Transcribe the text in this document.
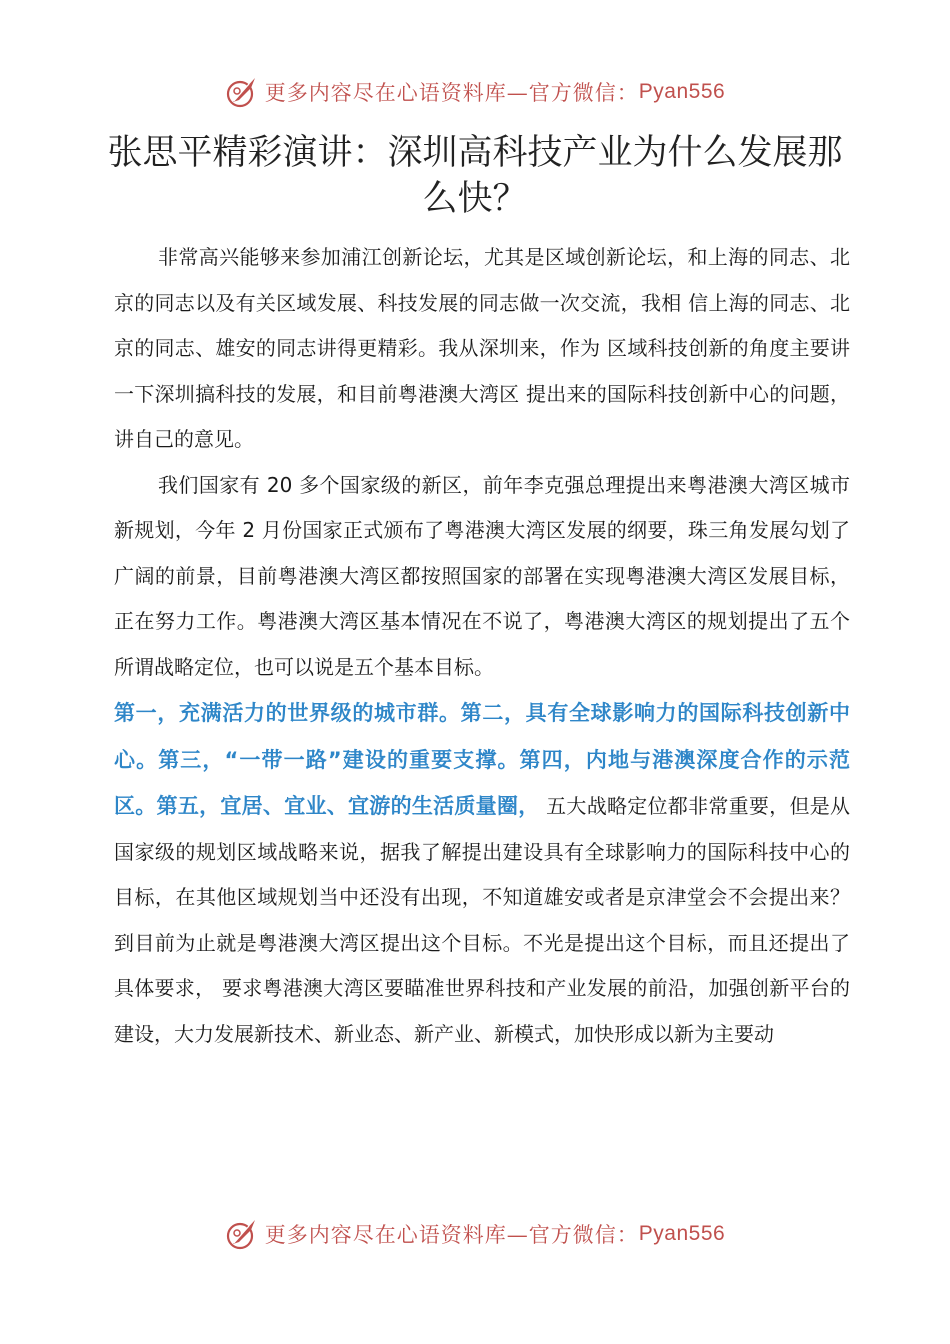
更多内容尽在心语资料库—官方微信： Pyan556
张思平精彩演讲：深圳高科技产业为什么发展那么快？

非常高兴能够来参加浦江创新论坛，尤其是区域创新论坛，和上海的同志、北京的同志以及有关区域发展、科技发展的同志做一次交流，我相 信上海的同志、北京的同志、雄安的同志讲得更精彩。我从深圳来，作为 区域科技创新的角度主要讲一下深圳搞科技的发展，和目前粤港澳大湾区 提出来的国际科技创新中心的问题，讲自己的意见。

我们国家有 20 多个国家级的新区，前年李克强总理提出来粤港澳大湾区城市新规划，今年 2 月份国家正式颁布了粤港澳大湾区发展的纲要，珠三角发展勾划了广阔的前景，目前粤港澳大湾区都按照国家的部署在实现粤港澳大湾区发展目标，正在努力工作。粤港澳大湾区基本情况在不说了，粤港澳大湾区的规划提出了五个所谓战略定位，也可以说是五个基本目标。

第一，充满活力的世界级的城市群。第二，具有全球影响力的国际科技创新中心。第三，“一带一路”建设的重要支撑。第四，内地与港澳深度合作的示范区。第五，宜居、宜业、宜游的生活质量圈， 五大战略定位都非常重要，但是从国家级的规划区域战略来说，据我了解提出建设具有全球影响力的国际科技中心的目标，在其他区域规划当中还没有出现，不知道雄安或者是京津堂会不会提出来？到目前为止就是粤港澳大湾区提出这个目标。不光是提出这个目标，而且还提出了具体要求， 要求粤港澳大湾区要瞄准世界科技和产业发展的前沿，加强创新平台的建设，大力发展新技术、新业态、新产业、新模式，加快形成以新为主要动

更多内容尽在心语资料库—官方微信： Pyan556
